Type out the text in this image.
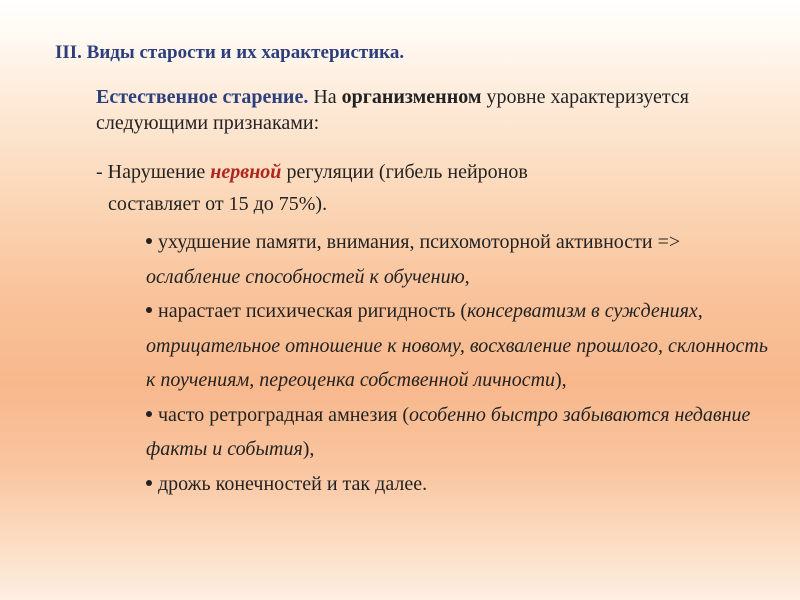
III. Виды старости и их характеристика.

Естественное старение. На организменном уровне характеризуется следующими признаками:

- Нарушение нервной регуляции (гибель нейронов
составляет от 15 до 75%).

ухудшение памяти, внимания, психомоторной активности => ослабление способностей к обучению,
нарастает психическая ригидность (консерватизм в суждениях, отрицательное отношение к новому, восхваление прошлого, склонность к поучениям, переоценка собственной личности),
часто ретроградная амнезия (особенно быстро забываются недавние факты и события),
дрожь конечностей и так далее.
